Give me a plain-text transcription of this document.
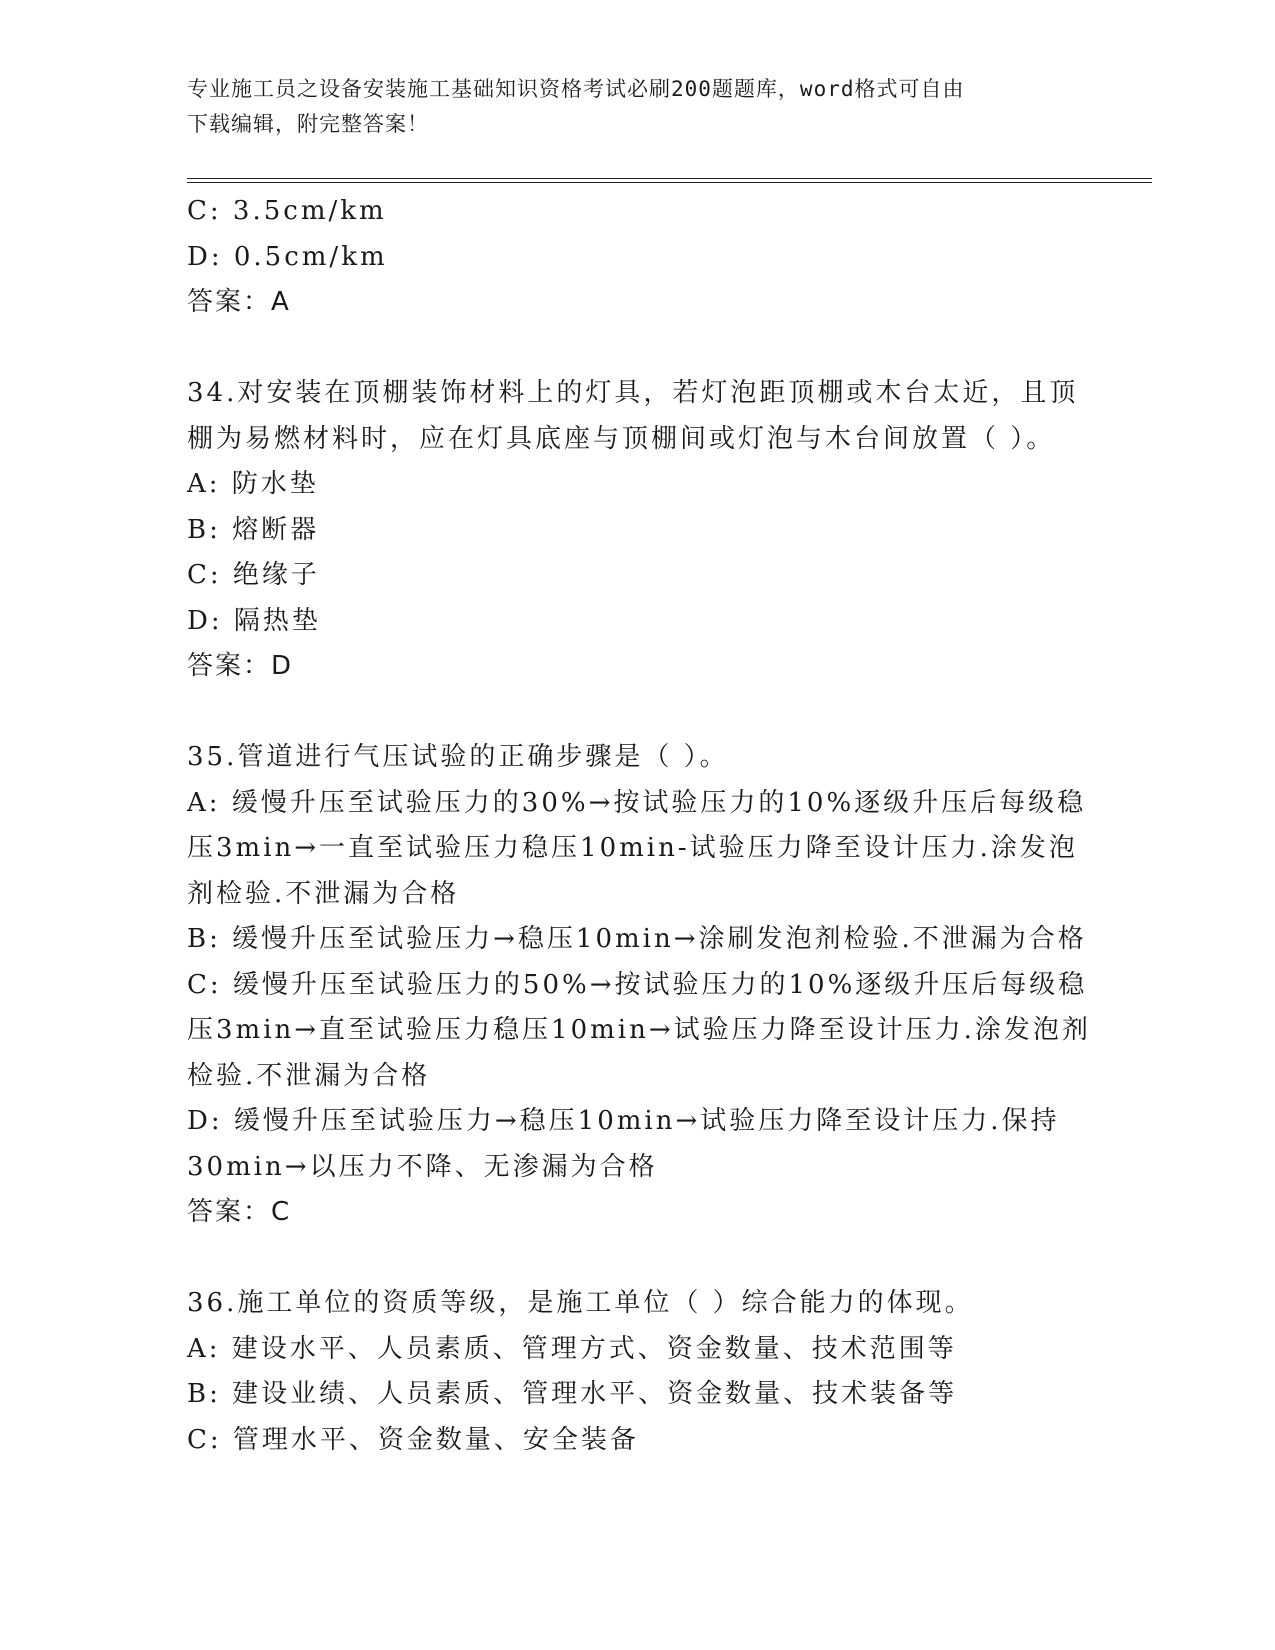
专业施工员之设备安装施工基础知识资格考试必刷200题题库，word格式可自由
下载编辑，附完整答案！
C: 3.5cm/km
D: 0.5cm/km
答案：A
34.对安装在顶棚装饰材料上的灯具，若灯泡距顶棚或木台太近，且顶
棚为易燃材料时，应在灯具底座与顶棚间或灯泡与木台间放置（ ）。
A: 防水垫
B: 熔断器
C: 绝缘子
D: 隔热垫
答案：D
35.管道进行气压试验的正确步骤是（ ）。
A: 缓慢升压至试验压力的30%→按试验压力的10%逐级升压后每级稳
压3min→一直至试验压力稳压10min-试验压力降至设计压力.涂发泡
剂检验.不泄漏为合格
B: 缓慢升压至试验压力→稳压10min→涂刷发泡剂检验.不泄漏为合格
C: 缓慢升压至试验压力的50%→按试验压力的10%逐级升压后每级稳
压3min→直至试验压力稳压10min→试验压力降至设计压力.涂发泡剂
检验.不泄漏为合格
D: 缓慢升压至试验压力→稳压10min→试验压力降至设计压力.保持
30min→以压力不降、无渗漏为合格
答案：C
36.施工单位的资质等级，是施工单位（ ）综合能力的体现。
A: 建设水平、人员素质、管理方式、资金数量、技术范围等
B: 建设业绩、人员素质、管理水平、资金数量、技术装备等
C: 管理水平、资金数量、安全装备
